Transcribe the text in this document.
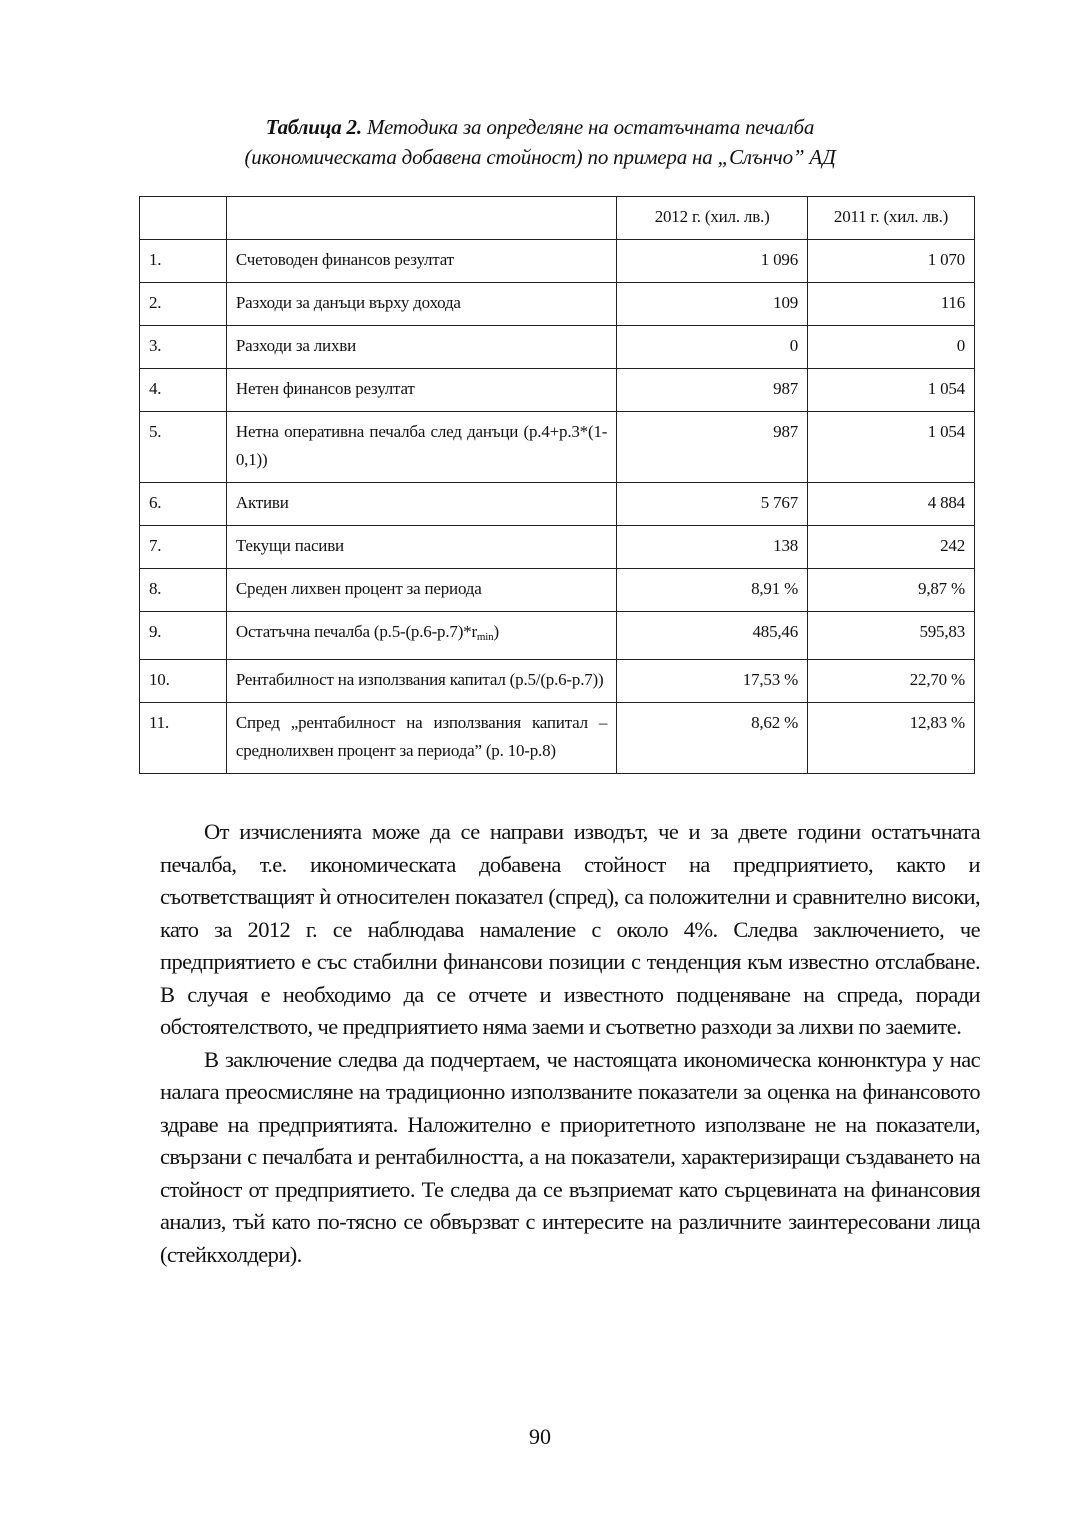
Таблица 2. Методика за определяне на остатъчната печалба
(икономическата добавена стойност) по примера на „Слънчо” АД
		2012 г. (хил. лв.)	2011 г. (хил. лв.)
1.	Счетоводен финансов резултат	1 096	1 070
2.	Разходи за данъци върху дохода	109	116
3.	Разходи за лихви	0	0
4.	Нетен финансов резултат	987	1 054
5.	Нетна оперативна печалба след данъци (р.4+р.3*(1-0,1))	987	1 054
6.	Активи	5 767	4 884
7.	Текущи пасиви	138	242
8.	Среден лихвен процент за периода	8,91 %	9,87 %
9.	Остатъчна печалба $(р.5-(р.6-р.7)*r_{min})$	485,46	595,83
10.	Рентабилност на използвания капитал (р.5/(р.6-р.7))	17,53 %	22,70 %
11.	Спред „рентабилност на използвания капитал – среднолихвен процент за периода” (р. 10-р.8)	8,62 %	12,83 %

От изчисленията може да се направи изводът, че и за двете години остатъчната печалба, т.е. икономическата добавена стойност на предприятието, както и съответстващият ѝ относителен показател (спред), са положителни и сравнително високи, като за 2012 г. се наблюдава намаление с около 4%. Следва заключението, че предприятието е със стабилни финансови позиции с тенденция към известно отслабване. В случая е необходимо да се отчете и известното подценяване на спреда, поради обстоятелството, че предприятието няма заеми и съответно разходи за лихви по заемите.

В заключение следва да подчертаем, че настоящата икономическа конюнктура у нас налага преосмисляне на традиционно използваните показатели за оценка на финансовото здраве на предприятията. Наложително е приоритетното използване не на показатели, свързани с печалбата и рентабилността, а на показатели, характеризиращи създаването на стойност от предприятието. Те следва да се възприемат като сърцевината на финансовия анализ, тъй като по-тясно се обвързват с интересите на различните заинтересовани лица (стейкхолдери).

90
